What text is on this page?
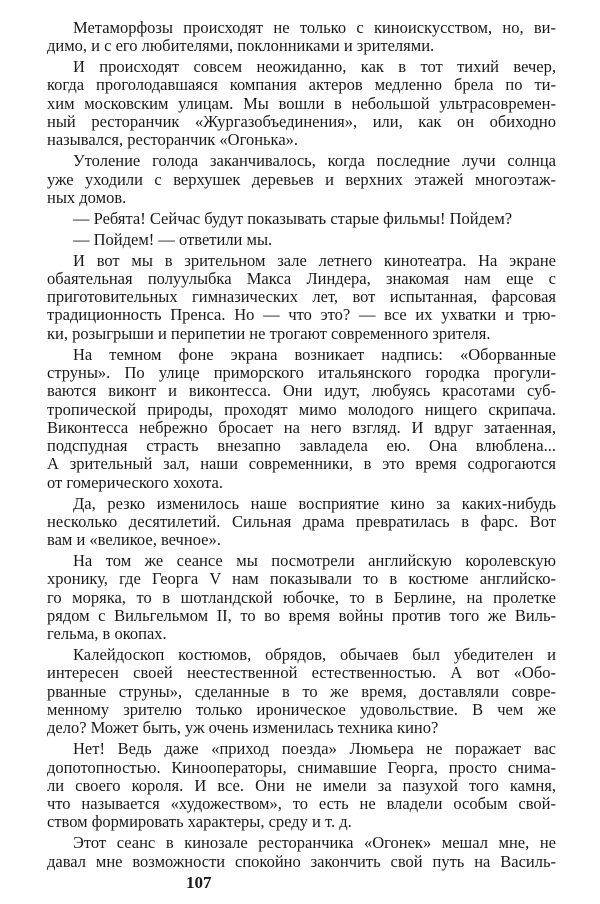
Метаморфозы происходят не только с киноискусством, но, ви-
димо, и с его любителями, поклонниками и зрителями.
И происходят совсем неожиданно, как в тот тихий вечер,
когда проголодавшаяся компания актеров медленно брела по ти-
хим московским улицам. Мы вошли в небольшой ультрасовремен-
ный ресторанчик «Жургазобъединения», или, как он обиходно
назывался, ресторанчик «Огонька».
Утоление голода заканчивалось, когда последние лучи солнца
уже уходили с верхушек деревьев и верхних этажей многоэтаж-
ных домов.
— Ребята! Сейчас будут показывать старые фильмы! Пойдем?
— Пойдем! — ответили мы.
И вот мы в зрительном зале летнего кинотеатра. На экране
обаятельная полуулыбка Макса Линдера, знакомая нам еще с
приготовительных гимназических лет, вот испытанная, фарсовая
традиционность Пренса. Но — что это? — все их ухватки и трю-
ки, розыгрыши и перипетии не трогают современного зрителя.
На темном фоне экрана возникает надпись: «Оборванные
струны». По улице приморского итальянского городка прогули-
ваются виконт и виконтесса. Они идут, любуясь красотами суб-
тропической природы, проходят мимо молодого нищего скрипача.
Виконтесса небрежно бросает на него взгляд. И вдруг затаенная,
подспудная страсть внезапно завладела ею. Она влюблена...
А зрительный зал, наши современники, в это время содрогаются
от гомерического хохота.
Да, резко изменилось наше восприятие кино за каких-нибудь
несколько десятилетий. Сильная драма превратилась в фарс. Вот
вам и «великое, вечное».
На том же сеансе мы посмотрели английскую королевскую
хронику, где Георга V нам показывали то в костюме английско-
го моряка, то в шотландской юбочке, то в Берлине, на пролетке
рядом с Вильгельмом II, то во время войны против того же Виль-
гельма, в окопах.
Калейдоскоп костюмов, обрядов, обычаев был убедителен и
интересен своей неестественной естественностью. А вот «Обо-
рванные струны», сделанные в то же время, доставляли совре-
менному зрителю только ироническое удовольствие. В чем же
дело? Может быть, уж очень изменилась техника кино?
Нет! Ведь даже «приход поезда» Люмьера не поражает вас
допотопностью. Кинооператоры, снимавшие Георга, просто снима-
ли своего короля. И все. Они не имели за пазухой того камня,
что называется «художеством», то есть не владели особым свой-
ством формировать характеры, среду и т. д.
Этот сеанс в кинозале ресторанчика «Огонек» мешал мне, не
давал мне возможности спокойно закончить свой путь на Василь-
107
